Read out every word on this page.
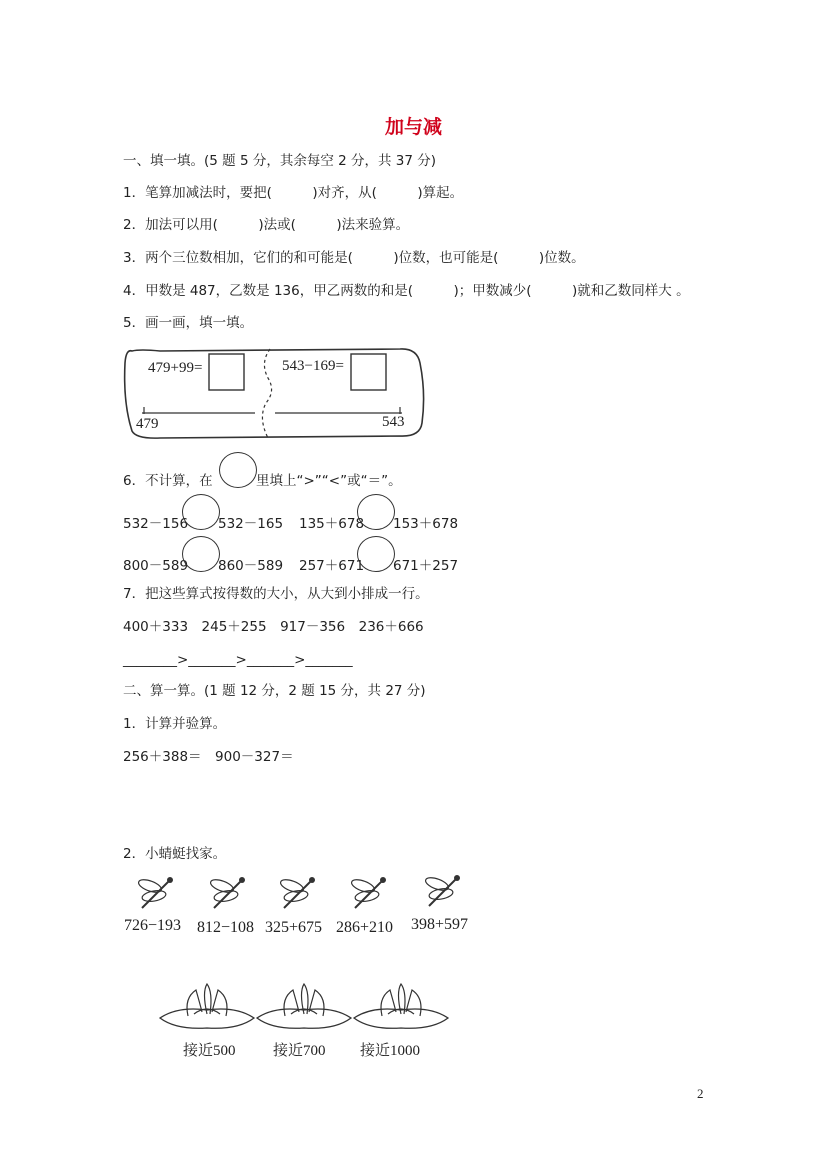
加与减
一、填一填。(5 题 5 分，其余每空 2 分，共 37 分)
1．笔算加减法时，要把(　　　)对齐，从(　　　)算起。
2．加法可以用(　　　)法或(　　　)法来验算。
3．两个三位数相加，它们的和可能是(　　　)位数，也可能是(　　　)位数。
4．甲数是 487，乙数是 136，甲乙两数的和是(　　　)；甲数减少(　　　)就和乙数同样大 。
5．画一画，填一填。
479+99=	543−169=
479	543
6．不计算，在	里填上“>”“<”或“＝”。
532－156 532－165 135＋678 153＋678
800－589 860－589 257＋671 671＋257
7．把这些算式按得数的大小，从大到小排成一行。
400＋333　245＋255　917－356　236＋666
________>_______>_______>_______
二、算一算。(1 题 12 分，2 题 15 分，共 27 分)
1．计算并验算。
256＋388＝　900－327＝
2．小蜻蜓找家。
726−193 812−108 325+675 286+210 398+597
接近500 接近700 接近1000
2
